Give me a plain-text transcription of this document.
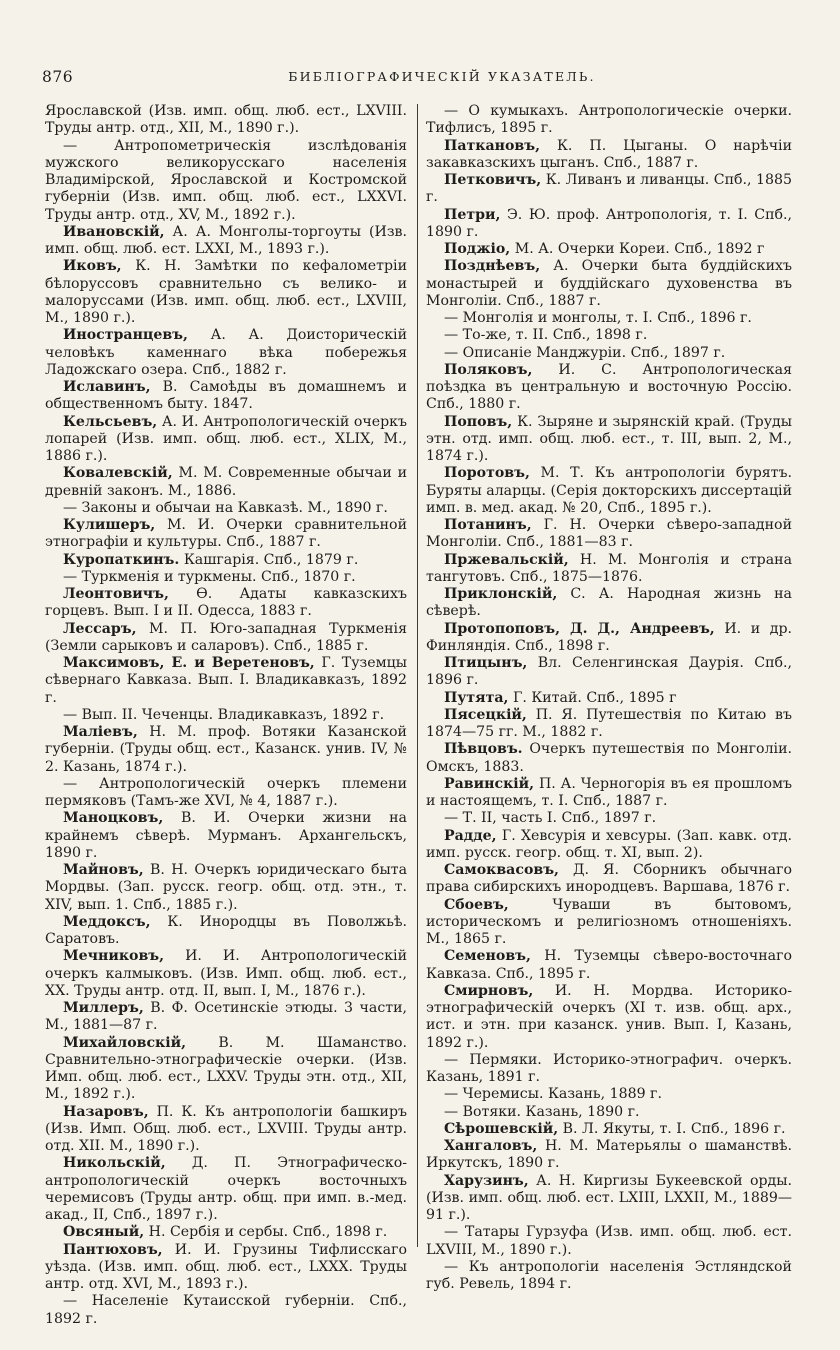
876	БИБЛІОГРАФИЧЕСКІЙ УКАЗАТЕЛЬ.
Ярославской (Изв. имп. общ. люб. ест., LXVIII. Труды антр. отд., XII, М., 1890 г.).
— Антропометрическія изслѣдованія мужского великорусскаго населенія Владимірской, Ярославской и Костромской губерніи (Изв. имп. общ. люб. ест., LXXVI. Труды антр. отд., XV, М., 1892 г.).
Ивановскій, А. А. Монголы-торгоуты (Изв. имп. общ. люб. ест. LXXI, М., 1893 г.).
Иковъ, К. Н. Замѣтки по кефалометріи бѣлоруссовъ сравнительно съ велико- и малоруссами (Изв. имп. общ. люб. ест., LXVIII, М., 1890 г.).
Иностранцевъ, А. А. Доисторическій человѣкъ каменнаго вѣка побережья Ладожскаго озера. Спб., 1882 г.
Иславинъ, В. Самоѣды въ домашнемъ и общественномъ быту. 1847.
Кельсьевъ, А. И. Антропологическій очеркъ лопарей (Изв. имп. общ. люб. ест., XLIX, М., 1886 г.).
Ковалевскій, М. М. Современные обычаи и древній законъ. М., 1886.
— Законы и обычаи на Кавказѣ. М., 1890 г.
Кулишеръ, М. И. Очерки сравнительной этнографіи и культуры. Спб., 1887 г.
Куропаткинъ. Кашгарія. Спб., 1879 г.
— Туркменія и туркмены. Спб., 1870 г.
Леонтовичъ, Ѳ. Адаты кавказскихъ горцевъ. Вып. I и II. Одесса, 1883 г.
Лессаръ, М. П. Юго-западная Туркменія (Земли сарыковъ и саларовъ). Спб., 1885 г.
Максимовъ, Е. и Веретеновъ, Г. Туземцы сѣвернаго Кавказа. Вып. I. Владикавказъ, 1892 г.
— Вып. II. Чеченцы. Владикавказъ, 1892 г.
Маліевъ, Н. М. проф. Вотяки Казанской губерніи. (Труды общ. ест., Казанск. унив. IV, № 2. Казань, 1874 г.).
— Антропологическій очеркъ племени пермяковъ (Тамъ-же XVI, № 4, 1887 г.).
Маноцковъ, В. И. Очерки жизни на крайнемъ сѣверѣ. Мурманъ. Архангельскъ, 1890 г.
Майновъ, В. Н. Очеркъ юридическаго быта Мордвы. (Зап. русск. геогр. общ. отд. этн., т. XIV, вып. 1. Спб., 1885 г.).
Меддоксъ, К. Инородцы въ Поволжьѣ. Саратовъ.
Мечниковъ, И. И. Антропологическій очеркъ калмыковъ. (Изв. Имп. общ. люб. ест., XX. Труды антр. отд. II, вып. I, М., 1876 г.).
Миллеръ, В. Ф. Осетинскіе этюды. 3 части, М., 1881—87 г.
Михайловскій, В. М. Шаманство. Сравнительно-этнографическіе очерки. (Изв. Имп. общ. люб. ест., LXXV. Труды этн. отд., XII, М., 1892 г.).
Назаровъ, П. К. Къ антропологіи башкиръ (Изв. Имп. Общ. люб. ест., LXVIII. Труды антр. отд. XII. М., 1890 г.).
Никольскій, Д. П. Этнографическо-антропологическій очеркъ восточныхъ черемисовъ (Труды антр. общ. при имп. в.-мед. акад., II, Спб., 1897 г.).
Овсяный, Н. Сербія и сербы. Спб., 1898 г.
Пантюховъ, И. И. Грузины Тифлисскаго уѣзда. (Изв. имп. общ. люб. ест., LXXX. Труды антр. отд. XVI, М., 1893 г.).
— Населеніе Кутаисской губерніи. Спб., 1892 г.
— О кумыкахъ. Антропологическіе очерки. Тифлисъ, 1895 г.
Паткановъ, К. П. Цыганы. О нарѣчіи закавказскихъ цыганъ. Спб., 1887 г.
Петковичъ, К. Ливанъ и ливанцы. Спб., 1885 г.
Петри, Э. Ю. проф. Антропологія, т. I. Спб., 1890 г.
Поджіо, М. А. Очерки Кореи. Спб., 1892 г
Позднѣевъ, А. Очерки быта буддійскихъ монастырей и буддійскаго духовенства въ Монголіи. Спб., 1887 г.
— Монголія и монголы, т. I. Спб., 1896 г.
— То-же, т. II. Спб., 1898 г.
— Описаніе Манджуріи. Спб., 1897 г.
Поляковъ, И. С. Антропологическая поѣздка въ центральную и восточную Россію. Спб., 1880 г.
Поповъ, К. Зыряне и зырянскій край. (Труды этн. отд. имп. общ. люб. ест., т. III, вып. 2, М., 1874 г.).
Поротовъ, М. Т. Къ антропологіи бурятъ. Буряты аларцы. (Серія докторскихъ диссертацій имп. в. мед. акад. № 20, Спб., 1895 г.).
Потанинъ, Г. Н. Очерки сѣверо-западной Монголіи. Спб., 1881—83 г.
Пржевальскій, Н. М. Монголія и страна тангутовъ. Спб., 1875—1876.
Приклонскій, С. А. Народная жизнь на сѣверѣ.
Протопоповъ, Д. Д., Андреевъ, И. и др. Финляндія. Спб., 1898 г.
Птицынъ, Вл. Селенгинская Даурія. Спб., 1896 г.
Путята, Г. Китай. Спб., 1895 г
Пясецкій, П. Я. Путешествія по Китаю въ 1874—75 гг. М., 1882 г.
Пѣвцовъ. Очеркъ путешествія по Монголіи. Омскъ, 1883.
Равинскій, П. А. Черногорія въ ея прошломъ и настоящемъ, т. I. Спб., 1887 г.
— Т. II, часть I. Спб., 1897 г.
Радде, Г. Хевсурія и хевсуры. (Зап. кавк. отд. имп. русск. геогр. общ. т. XI, вып. 2).
Самоквасовъ, Д. Я. Сборникъ обычнаго права сибирскихъ инородцевъ. Варшава, 1876 г.
Сбоевъ, Чуваши въ бытовомъ, историческомъ и религіозномъ отношеніяхъ. М., 1865 г.
Семеновъ, Н. Туземцы сѣверо-восточнаго Кавказа. Спб., 1895 г.
Смирновъ, И. Н. Мордва. Историко-этнографическій очеркъ (XI т. изв. общ. арх., ист. и этн. при казанск. унив. Вып. I, Казань, 1892 г.).
— Пермяки. Историко-этнографич. очеркъ. Казань, 1891 г.
— Черемисы. Казань, 1889 г.
— Вотяки. Казань, 1890 г.
Сѣрошевскій, В. Л. Якуты, т. I. Спб., 1896 г.
Хангаловъ, Н. М. Матерьялы о шаманствѣ. Иркутскъ, 1890 г.
Харузинъ, А. Н. Киргизы Букеевской орды. (Изв. имп. общ. люб. ест. LXIII, LXXII, М., 1889—91 г.).
— Татары Гурзуфа (Изв. имп. общ. люб. ест. LXVIII, М., 1890 г.).
— Къ антропологіи населенія Эстляндской губ. Ревель, 1894 г.
